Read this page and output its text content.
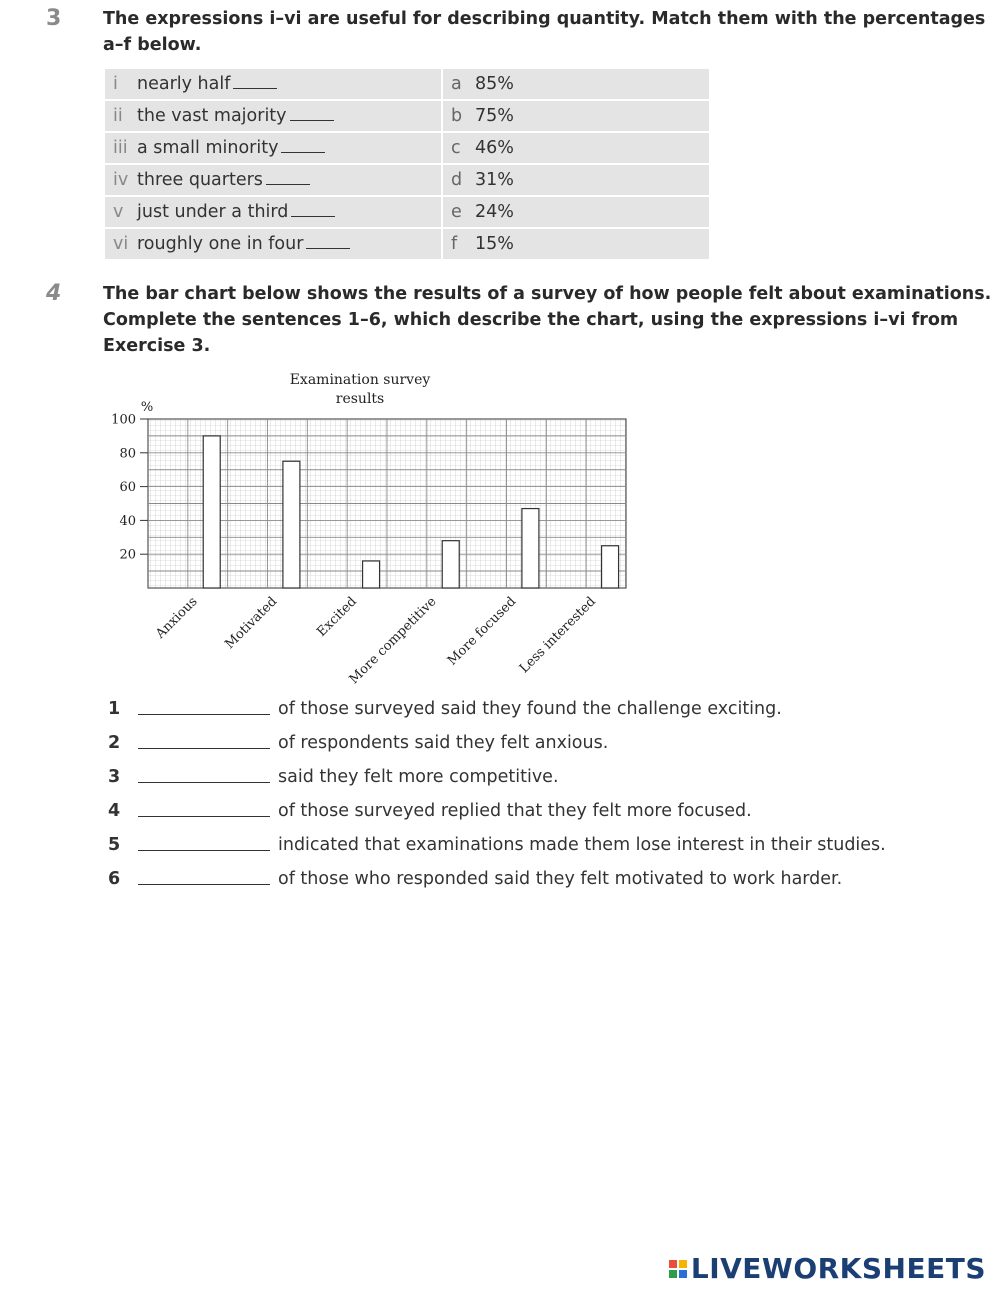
3 The expressions i–vi are useful for describing quantity. Match them with the percentages
a–f below.
i nearly half	a 85%
ii the vast majority	b 75%
iii a small minority	c 46%
iv three quarters	d 31%
v just under a third	e 24%
vi roughly one in four	f 15%
4 The bar chart below shows the results of a survey of how people felt about examinations.
Complete the sentences 1–6, which describe the chart, using the expressions i–vi from
Exercise 3.
Examination survey
results
%
20
40
60
80
100
Anxious Motivated	Excited
More competitive More focused
Less interested
1	of those surveyed said they found the challenge exciting.
2	of respondents said they felt anxious.
3	said they felt more competitive.
4	of those surveyed replied that they felt more focused.
5	indicated that examinations made them lose interest in their studies.
6	of those who responded said they felt motivated to work harder.
LIVEWORKSHEETS
